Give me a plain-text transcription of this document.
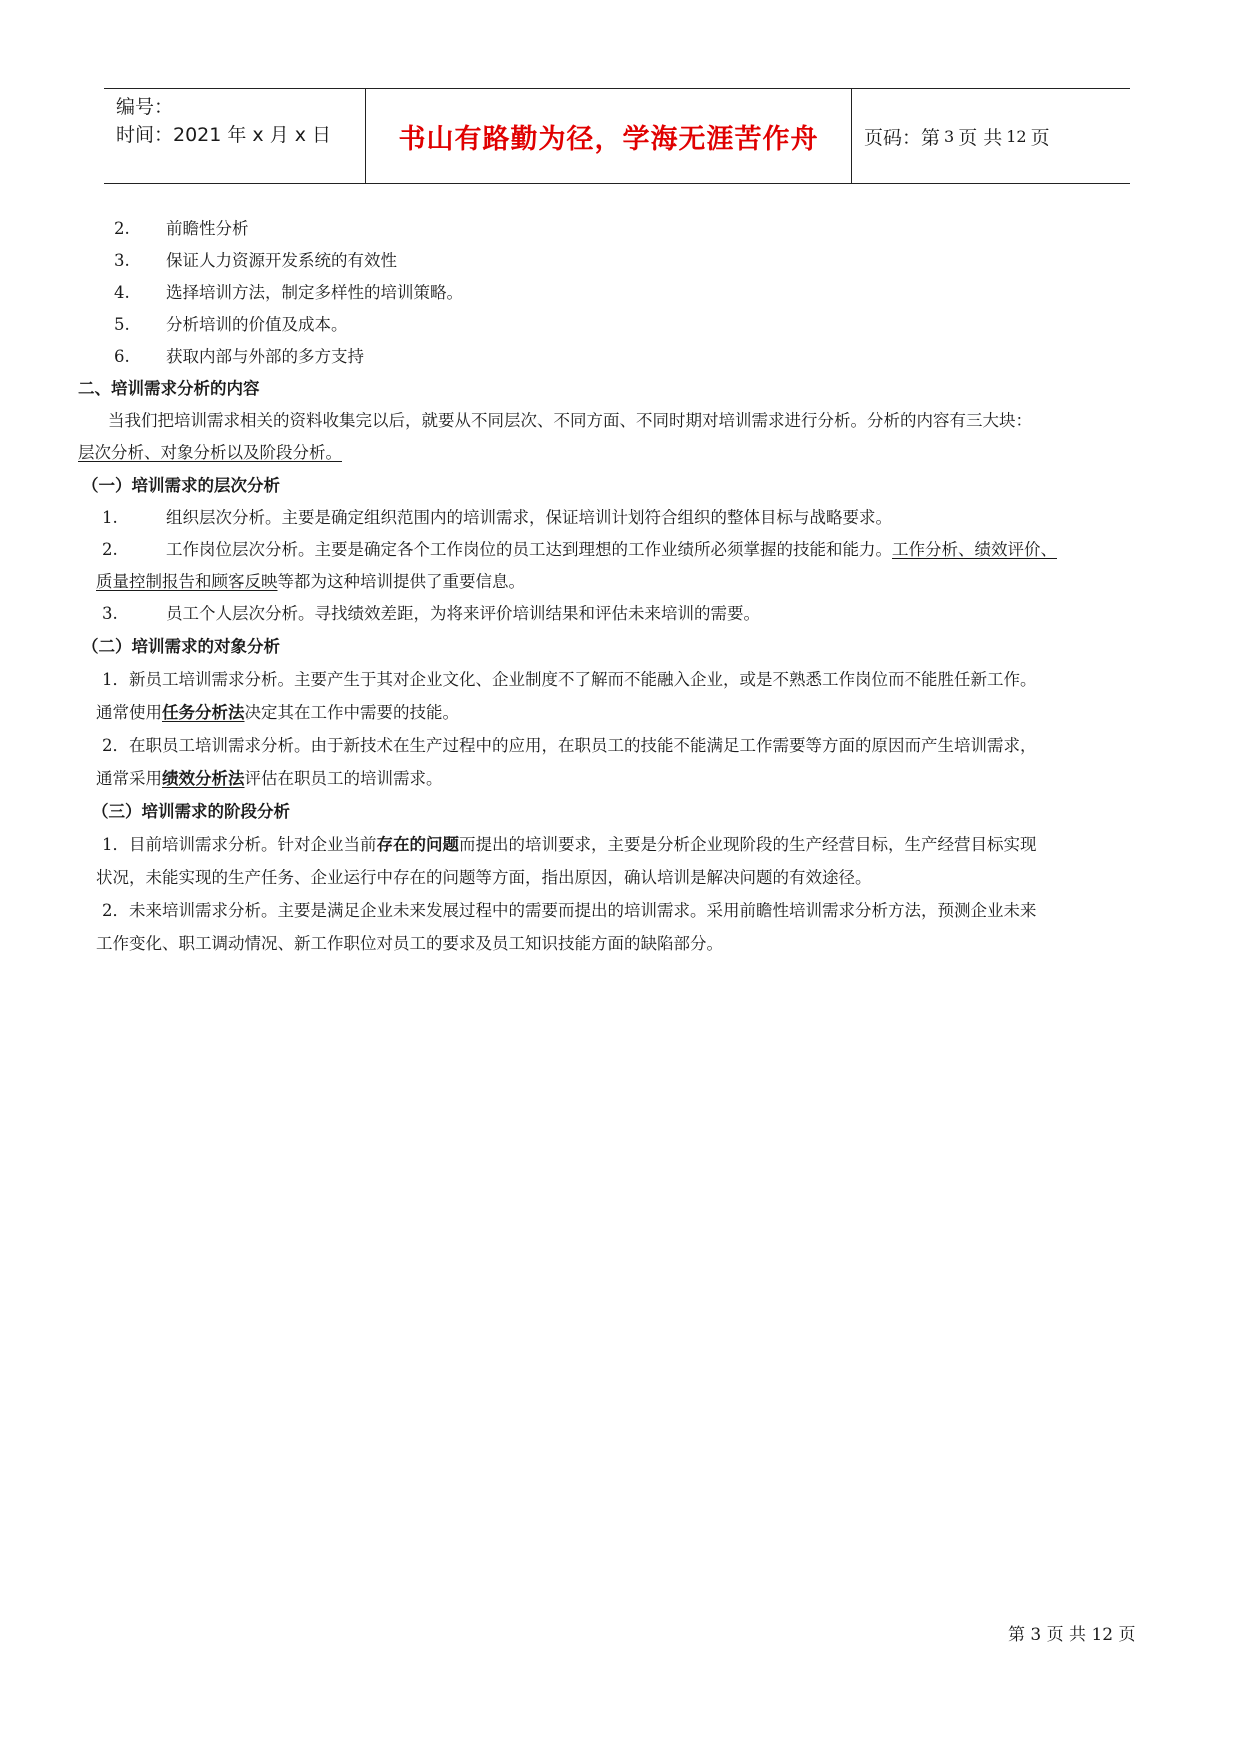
编号：
时间：2021 年 x 月 x 日	书山有路勤为径，学海无涯苦作舟	页码：第 3 页 共 12 页
2. 前瞻性分析
3. 保证人力资源开发系统的有效性
4. 选择培训方法，制定多样性的培训策略。
5. 分析培训的价值及成本。
6. 获取内部与外部的多方支持
二、培训需求分析的内容
当我们把培训需求相关的资料收集完以后，就要从不同层次、不同方面、不同时期对培训需求进行分析。分析的内容有三大块：
层次分析、对象分析以及阶段分析。
（一）培训需求的层次分析
1.	组织层次分析。主要是确定组织范围内的培训需求，保证培训计划符合组织的整体目标与战略要求。
2.	工作岗位层次分析。主要是确定各个工作岗位的员工达到理想的工作业绩所必须掌握的技能和能力。工作分析、绩效评价、
质量控制报告和顾客反映等都为这种培训提供了重要信息。
3.	员工个人层次分析。寻找绩效差距，为将来评价培训结果和评估未来培训的需要。
（二）培训需求的对象分析
1．新员工培训需求分析。主要产生于其对企业文化、企业制度不了解而不能融入企业，或是不熟悉工作岗位而不能胜任新工作。
通常使用任务分析法决定其在工作中需要的技能。
2．在职员工培训需求分析。由于新技术在生产过程中的应用，在职员工的技能不能满足工作需要等方面的原因而产生培训需求，
通常采用绩效分析法评估在职员工的培训需求。
（三）培训需求的阶段分析
1．目前培训需求分析。针对企业当前存在的问题而提出的培训要求，主要是分析企业现阶段的生产经营目标，生产经营目标实现
状况，未能实现的生产任务、企业运行中存在的问题等方面，指出原因，确认培训是解决问题的有效途径。
2．未来培训需求分析。主要是满足企业未来发展过程中的需要而提出的培训需求。采用前瞻性培训需求分析方法，预测企业未来
工作变化、职工调动情况、新工作职位对员工的要求及员工知识技能方面的缺陷部分。
第 3 页 共 12 页
